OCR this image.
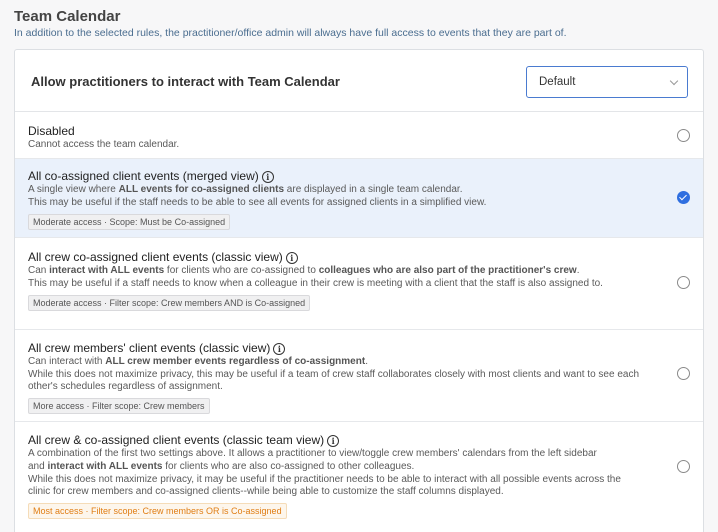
Team Calendar
In addition to the selected rules, the practitioner/office admin will always have full access to events that they are part of.
Allow practitioners to interact with Team Calendar	Default
Disabled
Cannot access the team calendar.
All co-assigned client events (merged view) i
A single view where ALL events for co-assigned clients are displayed in a single team calendar.
This may be useful if the staff needs to be able to see all events for assigned clients in a simplified view.
Moderate access · Scope: Must be Co-assigned
All crew co-assigned client events (classic view) i
Can interact with ALL events for clients who are co-assigned to colleagues who are also part of the practitioner's crew.
This may be useful if a staff needs to know when a colleague in their crew is meeting with a client that the staff is also assigned to.
Moderate access · Filter scope: Crew members AND is Co-assigned
All crew members' client events (classic view) i
Can interact with ALL crew member events regardless of co-assignment.
While this does not maximize privacy, this may be useful if a team of crew staff collaborates closely with most clients and want to see each other's schedules regardless of assignment.
More access · Filter scope: Crew members
All crew & co-assigned client events (classic team view) i
A combination of the first two settings above. It allows a practitioner to view/toggle crew members' calendars from the left sidebar
and interact with ALL events for clients who are also co-assigned to other colleagues.
While this does not maximize privacy, it may be useful if the practitioner needs to be able to interact with all possible events across the clinic for crew members and co-assigned clients--while being able to customize the staff columns displayed.
Most access · Filter scope: Crew members OR is Co-assigned
